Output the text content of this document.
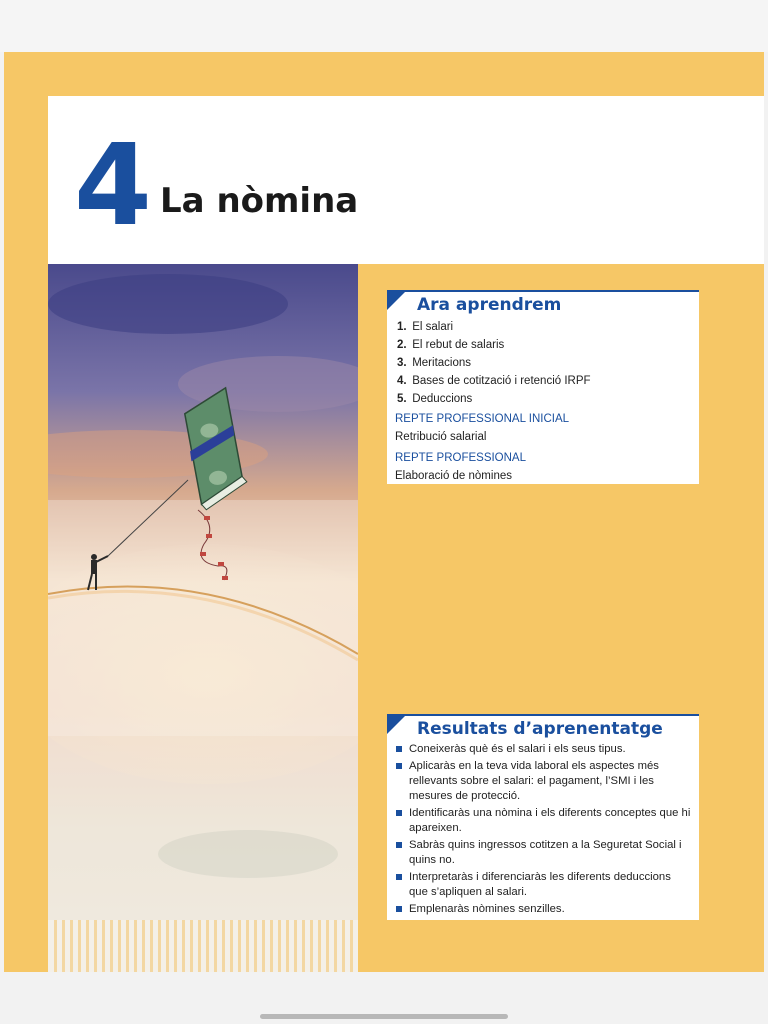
4 La nòmina
Ara aprendrem
1. El salari
2. El rebut de salaris
3. Meritacions
4. Bases de cotització i retenció IRPF
5. Deduccions
REPTE PROFESSIONAL INICIAL
Retribució salarial
REPTE PROFESSIONAL
Elaboració de nòmines
Resultats d’aprenentatge
Coneixeràs què és el salari i els seus tipus.
Aplicaràs en la teva vida laboral els aspectes més rellevants sobre el salari: el pagament, l’SMI i les mesures de protecció.
Identificaràs una nòmina i els diferents conceptes que hi apareixen.
Sabràs quins ingressos cotitzen a la Seguretat Social i quins no.
Interpretaràs i diferenciaràs les diferents deduccions que s’apliquen al salari.
Emplenaràs nòmines senzilles.
